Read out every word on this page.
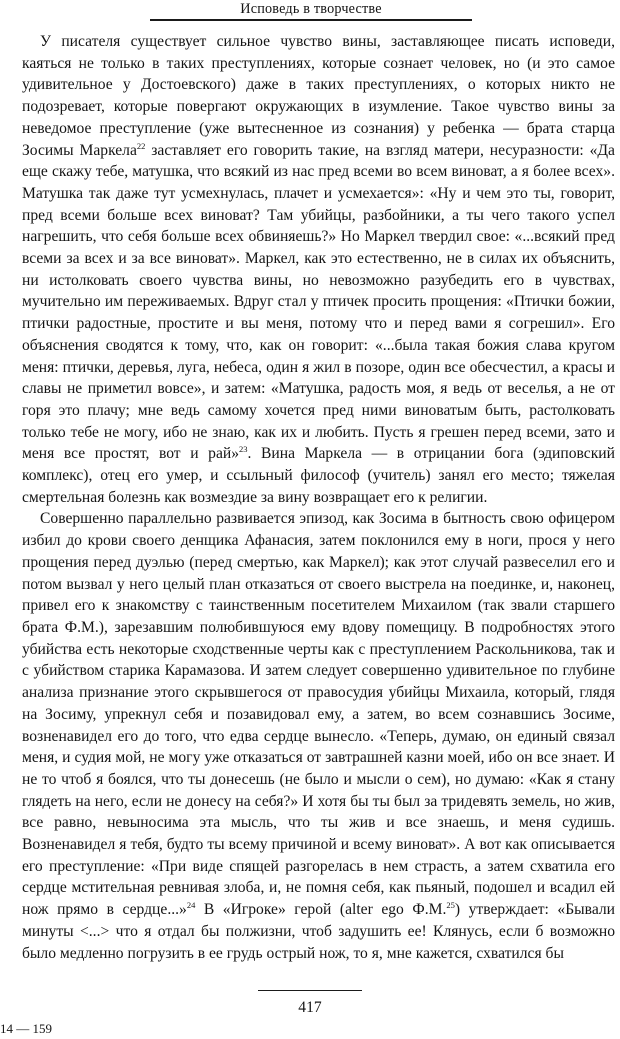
Исповедь в творчестве

У писателя существует сильное чувство вины, заставляющее писать исповеди, каяться не только в таких преступлениях, которые сознает человек, но (и это самое удивительное у Достоевского) даже в таких преступлениях, о которых никто не подозревает, которые повергают окружающих в изумление. Такое чувство вины за неведомое преступление (уже вытесненное из сознания) у ребенка — брата старца Зосимы Маркела$^{22}$ заставляет его говорить такие, на взгляд матери, несуразности: «Да еще скажу тебе, матушка, что всякий из нас пред всеми во всем виноват, а я более всех». Матушка так даже тут усмехнулась, плачет и усмехается»: «Ну и чем это ты, говорит, пред всеми больше всех виноват? Там убийцы, разбойники, а ты чего такого успел нагрешить, что себя больше всех обвиняешь?» Но Маркел твердил свое: «...всякий пред всеми за всех и за все виноват». Маркел, как это естественно, не в силах их объяснить, ни истолковать своего чувства вины, но невозможно разубедить его в чувствах, мучительно им переживаемых. Вдруг стал у птичек просить прощения: «Птички божии, птички радостные, простите и вы меня, потому что и перед вами я согрешил». Его объяснения сводятся к тому, что, как он говорит: «...была такая божия слава кругом меня: птички, деревья, луга, небеса, один я жил в позоре, один все обесчестил, а красы и славы не приметил вовсе», и затем: «Матушка, радость моя, я ведь от веселья, а не от горя это плачу; мне ведь самому хочется пред ними виноватым быть, растолковать только тебе не могу, ибо не знаю, как их и любить. Пусть я грешен перед всеми, зато и меня все простят, вот и рай»$^{23}$. Вина Маркела — в отрицании бога (эдиповский комплекс), отец его умер, и ссыльный философ (учитель) занял его место; тяжелая смертельная болезнь как возмездие за вину возвращает его к религии.

Совершенно параллельно развивается эпизод, как Зосима в бытность свою офицером избил до крови своего денщика Афанасия, затем поклонился ему в ноги, прося у него прощения перед дуэлью (перед смертью, как Маркел); как этот случай развеселил его и потом вызвал у него целый план отказаться от своего выстрела на поединке, и, наконец, привел его к знакомству с таинственным посетителем Михаилом (так звали старшего брата Ф.М.), зарезавшим полюбившуюся ему вдову помещицу. В подробностях этого убийства есть некоторые сходственные черты как с преступлением Раскольникова, так и с убийством старика Карамазова. И затем следует совершенно удивительное по глубине анализа признание этого скрывшегося от правосудия убийцы Михаила, который, глядя на Зосиму, упрекнул себя и позавидовал ему, а затем, во всем сознавшись Зосиме, возненавидел его до того, что едва сердце вынесло. «Теперь, думаю, он единый связал меня, и судия мой, не могу уже отказаться от завтрашней казни моей, ибо он все знает. И не то чтоб я боялся, что ты донесешь (не было и мысли о сем), но думаю: «Как я стану глядеть на него, если не донесу на себя?» И хотя бы ты был за тридевять земель, но жив, все равно, невыносима эта мысль, что ты жив и все знаешь, и меня судишь. Возненавидел я тебя, будто ты всему причиной и всему виноват». А вот как описывается его преступление: «При виде спящей разгорелась в нем страсть, а затем схватила его сердце мстительная ревнивая злоба, и, не помня себя, как пьяный, подошел и всадил ей нож прямо в сердце...»$^{24}$ В «Игроке» герой (alter ego Ф.М.$^{25}$) утверждает: «Бывали минуты <...> что я отдал бы полжизни, чтоб задушить ее! Клянусь, если б возможно было медленно погрузить в ее грудь острый нож, то я, мне кажется, схватился бы

417
14 — 159
